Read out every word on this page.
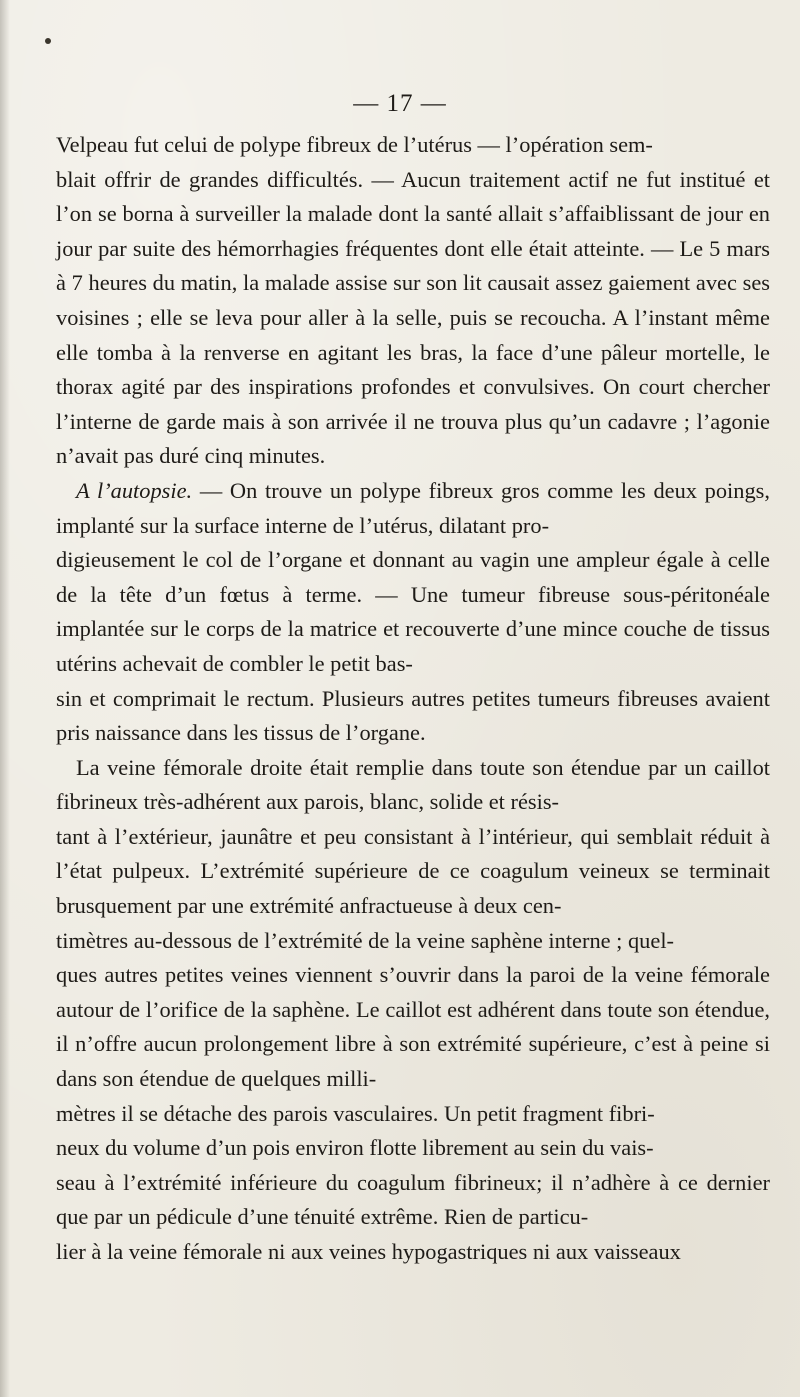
— 17 —

Velpeau fut celui de polype fibreux de l’utérus — l’opération sem-
blait offrir de grandes difficultés. — Aucun traitement actif ne fut institué et l’on se borna à surveiller la malade dont la santé allait s’affaiblissant de jour en jour par suite des hémorrhagies fréquentes dont elle était atteinte. — Le 5 mars à 7 heures du matin, la malade assise sur son lit causait assez gaiement avec ses voisines ; elle se leva pour aller à la selle, puis se recoucha. A l’instant même elle tomba à la renverse en agitant les bras, la face d’une pâleur mortelle, le thorax agité par des inspirations profondes et convulsives. On court chercher l’interne de garde mais à son arrivée il ne trouva plus qu’un cadavre ; l’agonie n’avait pas duré cinq minutes.

A l’autopsie. — On trouve un polype fibreux gros comme les deux poings, implanté sur la surface interne de l’utérus, dilatant pro-
digieusement le col de l’organe et donnant au vagin une ampleur égale à celle de la tête d’un fœtus à terme. — Une tumeur fibreuse sous-péritonéale implantée sur le corps de la matrice et recouverte d’une mince couche de tissus utérins achevait de combler le petit bas-
sin et comprimait le rectum. Plusieurs autres petites tumeurs fibreuses avaient pris naissance dans les tissus de l’organe.

La veine fémorale droite était remplie dans toute son étendue par un caillot fibrineux très-adhérent aux parois, blanc, solide et résis-
tant à l’extérieur, jaunâtre et peu consistant à l’intérieur, qui semblait réduit à l’état pulpeux. L’extrémité supérieure de ce coagulum veineux se terminait brusquement par une extrémité anfractueuse à deux cen-
timètres au-dessous de l’extrémité de la veine saphène interne ; quel-
ques autres petites veines viennent s’ouvrir dans la paroi de la veine fémorale autour de l’orifice de la saphène. Le caillot est adhérent dans toute son étendue, il n’offre aucun prolongement libre à son extrémité supérieure, c’est à peine si dans son étendue de quelques milli-
mètres il se détache des parois vasculaires. Un petit fragment fibri-
neux du volume d’un pois environ flotte librement au sein du vais-
seau à l’extrémité inférieure du coagulum fibrineux; il n’adhère à ce dernier que par un pédicule d’une ténuité extrême. Rien de particu-
lier à la veine fémorale ni aux veines hypogastriques ni aux vaisseaux
